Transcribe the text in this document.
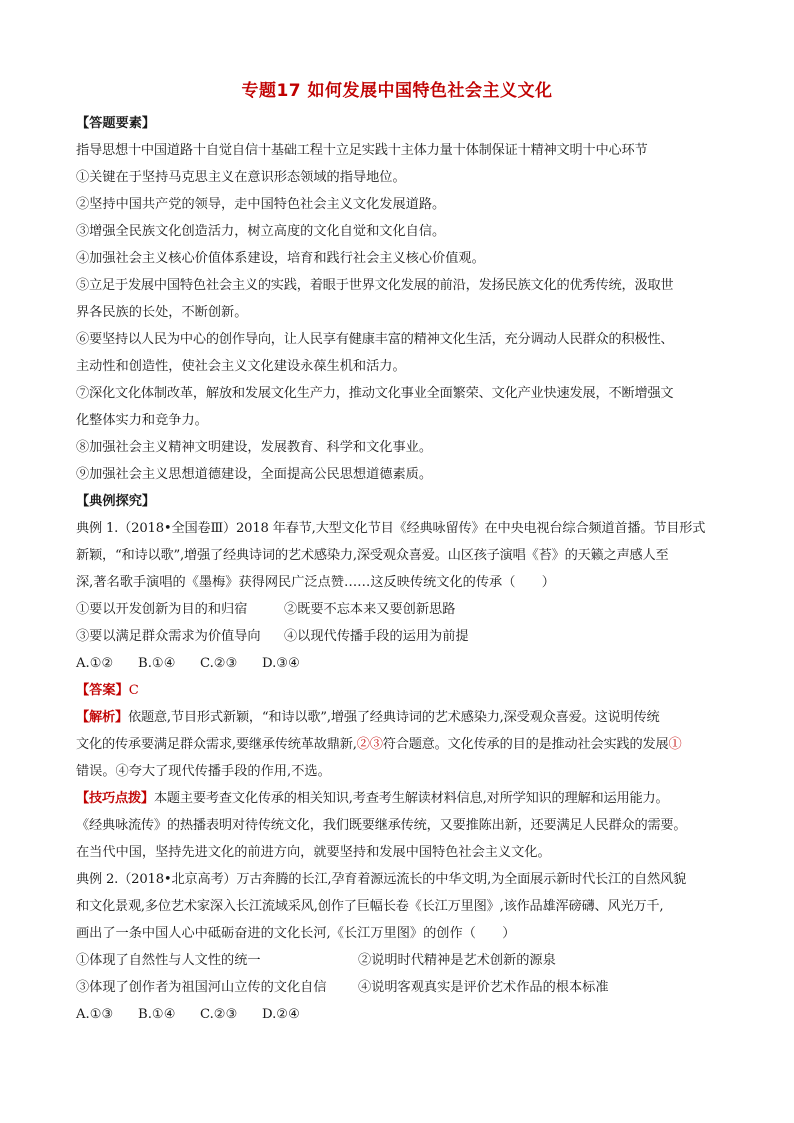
专题17 如何发展中国特色社会主义文化
【答题要素】
指导思想十中国道路十自觉自信十基础工程十立足实践十主体力量十体制保证十精神文明十中心环节
①关键在于坚持马克思主义在意识形态领域的指导地位。
②坚持中国共产党的领导，走中国特色社会主义文化发展道路。
③增强全民族文化创造活力，树立高度的文化自觉和文化自信。
④加强社会主义核心价值体系建设，培育和践行社会主义核心价值观。
⑤立足于发展中国特色社会主义的实践，着眼于世界文化发展的前沿，发扬民族文化的优秀传统，汲取世
界各民族的长处，不断创新。
⑥要坚持以人民为中心的创作导向，让人民享有健康丰富的精神文化生活，充分调动人民群众的积极性、
主动性和创造性，使社会主义文化建设永葆生机和活力。
⑦深化文化体制改革，解放和发展文化生产力，推动文化事业全面繁荣、文化产业快速发展，不断增强文
化整体实力和竞争力。
⑧加强社会主义精神文明建设，发展教育、科学和文化事业。
⑨加强社会主义思想道德建设，全面提高公民思想道德素质。
【典例探究】
典例 1.（2018•全国卷Ⅲ）2018 年春节,大型文化节目《经典咏留传》在中央电视台综合频道首播。节目形式
新颖，“和诗以歌”,增强了经典诗词的艺术感染力,深受观众喜爱。山区孩子演唱《苔》的天籁之声感人至
深,著名歌手演唱的《墨梅》获得网民广泛点赞……这反映传统文化的传承（　　）
①要以开发创新为目的和归宿	②既要不忘本来又要创新思路
③要以满足群众需求为价值导向 ④以现代传播手段的运用为前提
A.①② B.①④ C.②③ D.③④
【答案】C
【解析】依题意,节目形式新颖，“和诗以歌”,增强了经典诗词的艺术感染力,深受观众喜爱。这说明传统
文化的传承要满足群众需求,要继承传统革故鼎新,②③符合题意。文化传承的目的是推动社会实践的发展①
错误。④夸大了现代传播手段的作用,不选。
【技巧点拨】本题主要考查文化传承的相关知识,考查考生解读材料信息,对所学知识的理解和运用能力。
《经典咏流传》的热播表明对待传统文化，我们既要继承传统，又要推陈出新，还要满足人民群众的需要。
在当代中国，坚持先进文化的前进方向，就要坚持和发展中国特色社会主义文化。
典例 2.（2018•北京高考）万古奔腾的长江,孕育着源远流长的中华文明,为全面展示新时代长江的自然风貌
和文化景观,多位艺术家深入长江流域采风,创作了巨幅长卷《长江万里图》,该作品雄浑磅礴、风光万千,
画出了一条中国人心中砥砺奋进的文化长河,《长江万里图》的创作（　　）
①体现了自然性与人文性的统一	②说明时代精神是艺术创新的源泉
③体现了创作者为祖国河山立传的文化自信 ④说明客观真实是评价艺术作品的根本标准
A.①③ B.①④ C.②③ D.②④
